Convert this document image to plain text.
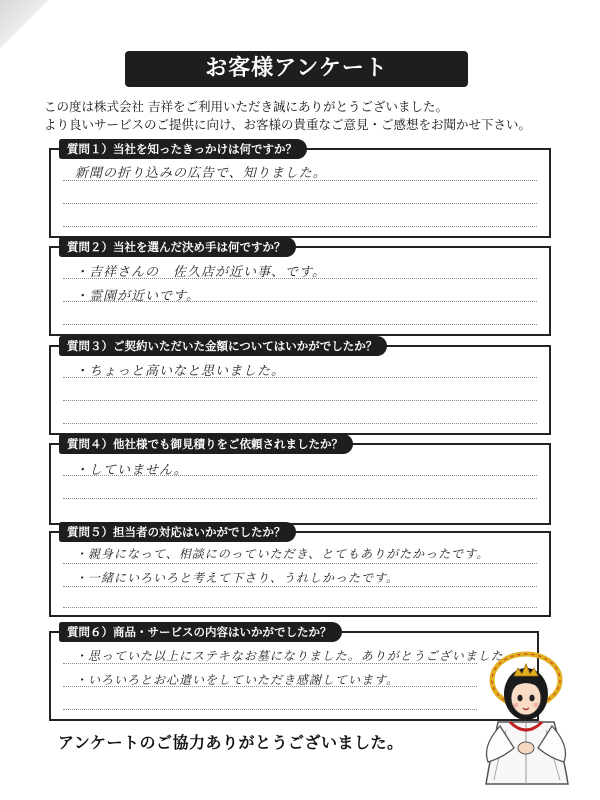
お客様アンケート
この度は株式会社 吉祥をご利用いただき誠にありがとうございました。
より良いサービスのご提供に向け、お客様の貴重なご意見・ご感想をお聞かせ下さい。
質問１）当社を知ったきっかけは何ですか？
新聞の折り込みの広告で、知りました。
質問２）当社を選んだ決め手は何ですか？
・吉祥さんの　佐久店が近い事、です。
・霊園が近いです。
質問３）ご契約いただいた金額についてはいかがでしたか？
・ちょっと高いなと思いました。
質問４）他社様でも御見積りをご依頼されましたか？
・していません。
質問５）担当者の対応はいかがでしたか？
・親身になって、相談にのっていただき、とてもありがたかったです。
・一緒にいろいろと考えて下さり、うれしかったです。
質問６）商品・サービスの内容はいかがでしたか？
・思っていた以上にステキなお墓になりました。ありがとうございました。
・いろいろとお心遣いをしていただき感謝しています。
アンケートのご協力ありがとうございました。
